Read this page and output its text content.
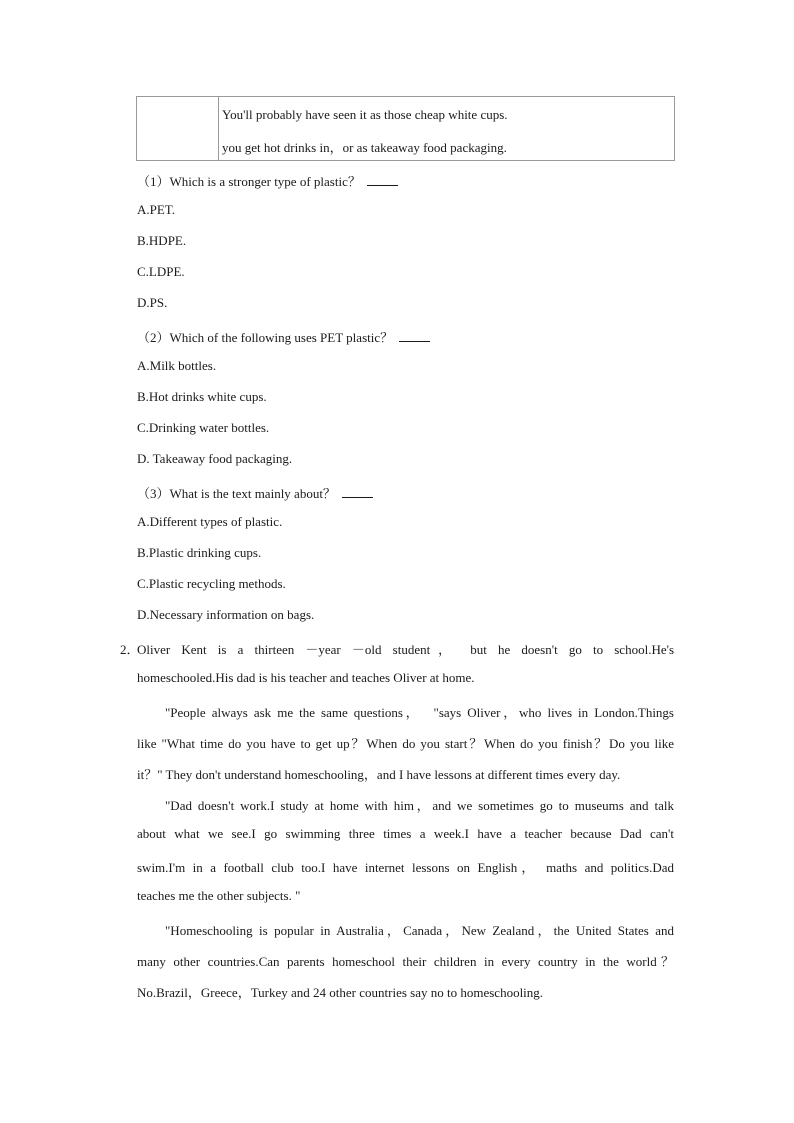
You'll probably have seen it as those cheap white cups.
you get hot drinks in，or as takeaway food packaging.
（1）Which is a stronger type of plastic？
A.PET.
B.HDPE.
C.LDPE.
D.PS.
（2）Which of the following uses PET plastic？
A.Milk bottles.
B.Hot drinks white cups.
C.Drinking water bottles.
D. Takeaway food packaging.
（3）What is the text mainly about？
A.Different types of plastic.
B.Plastic drinking cups.
C.Plastic recycling methods.
D.Necessary information on bags.
2．
Oliver Kent is a thirteen －year －old student， but he doesn't go to school.He's
homeschooled.His dad is his teacher and teaches Oliver at home.
"People always ask me the same questions，  "says Oliver，who lives in London.Things
like "What time do you have to get up？When do you start？When do you finish？Do you like
it？" They don't understand homeschooling，and I have lessons at different times every day.
"Dad doesn't work.I study at home with him，and we sometimes go to museums and talk
about what we see.I go swimming three times a week.I have a teacher because Dad can't
swim.I'm in a football club too.I have internet lessons on English， maths and politics.Dad
teaches me the other subjects. "
"Homeschooling is popular in Australia，Canada，New Zealand，the United States and
many other countries.Can parents homeschool their children in every country in the world？
No.Brazil，Greece，Turkey and 24 other countries say no to homeschooling.
